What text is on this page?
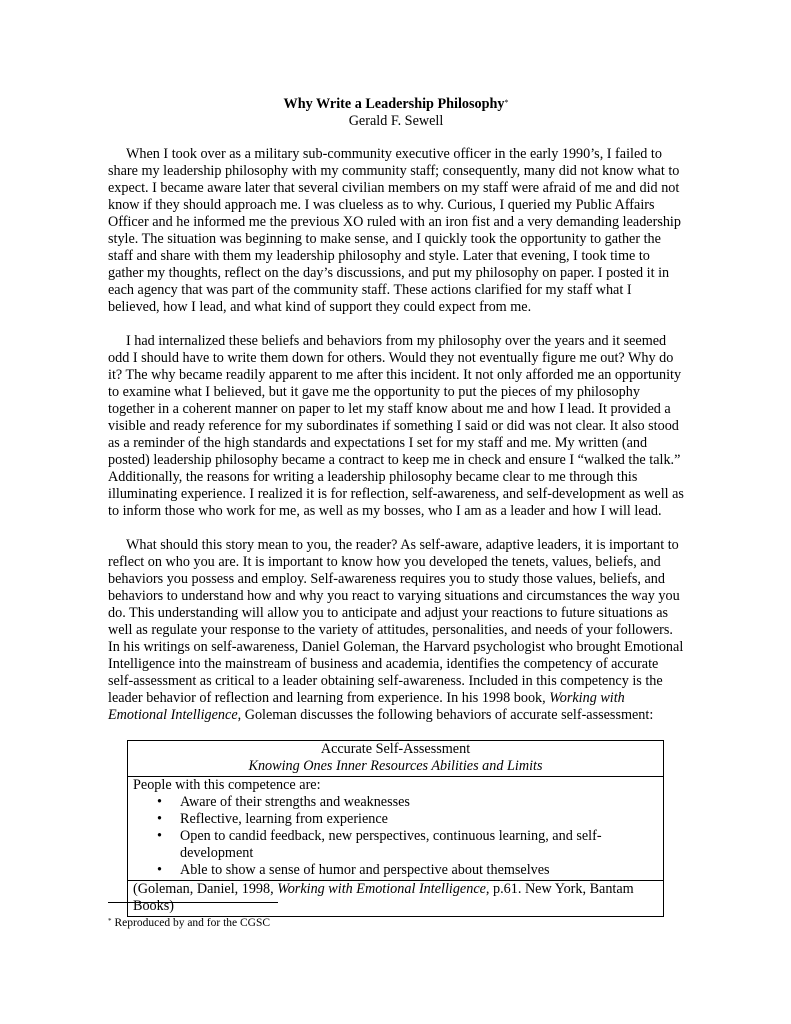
Why Write a Leadership Philosophy*

Gerald F. Sewell

When I took over as a military sub-community executive officer in the early 1990’s, I failed to share my leadership philosophy with my community staff; consequently, many did not know what to expect. I became aware later that several civilian members on my staff were afraid of me and did not know if they should approach me. I was clueless as to why. Curious, I queried my Public Affairs Officer and he informed me the previous XO ruled with an iron fist and a very demanding leadership style. The situation was beginning to make sense, and I quickly took the opportunity to gather the staff and share with them my leadership philosophy and style. Later that evening, I took time to gather my thoughts, reflect on the day’s discussions, and put my philosophy on paper. I posted it in each agency that was part of the community staff. These actions clarified for my staff what I believed, how I lead, and what kind of support they could expect from me.

I had internalized these beliefs and behaviors from my philosophy over the years and it seemed odd I should have to write them down for others. Would they not eventually figure me out? Why do it? The why became readily apparent to me after this incident. It not only afforded me an opportunity to examine what I believed, but it gave me the opportunity to put the pieces of my philosophy together in a coherent manner on paper to let my staff know about me and how I lead. It provided a visible and ready reference for my subordinates if something I said or did was not clear. It also stood as a reminder of the high standards and expectations I set for my staff and me. My written (and posted) leadership philosophy became a contract to keep me in check and ensure I “walked the talk.” Additionally, the reasons for writing a leadership philosophy became clear to me through this illuminating experience. I realized it is for reflection, self-awareness, and self-development as well as to inform those who work for me, as well as my bosses, who I am as a leader and how I will lead.

What should this story mean to you, the reader? As self-aware, adaptive leaders, it is important to reflect on who you are. It is important to know how you developed the tenets, values, beliefs, and behaviors you possess and employ. Self-awareness requires you to study those values, beliefs, and behaviors to understand how and why you react to varying situations and circumstances the way you do. This understanding will allow you to anticipate and adjust your reactions to future situations as well as regulate your response to the variety of attitudes, personalities, and needs of your followers. In his writings on self-awareness, Daniel Goleman, the Harvard psychologist who brought Emotional Intelligence into the mainstream of business and academia, identifies the competency of accurate self-assessment as critical to a leader obtaining self-awareness. Included in this competency is the leader behavior of reflection and learning from experience. In his 1998 book, Working with Emotional Intelligence, Goleman discusses the following behaviors of accurate self-assessment:

Accurate Self-Assessment
Knowing Ones Inner Resources Abilities and Limits
People with this competence are:
• Aware of their strengths and weaknesses
• Reflective, learning from experience
• Open to candid feedback, new perspectives, continuous learning, and self-development
• Able to show a sense of humor and perspective about themselves
(Goleman, Daniel, 1998, Working with Emotional Intelligence, p.61. New York, Bantam Books)
* Reproduced by and for the CGSC
